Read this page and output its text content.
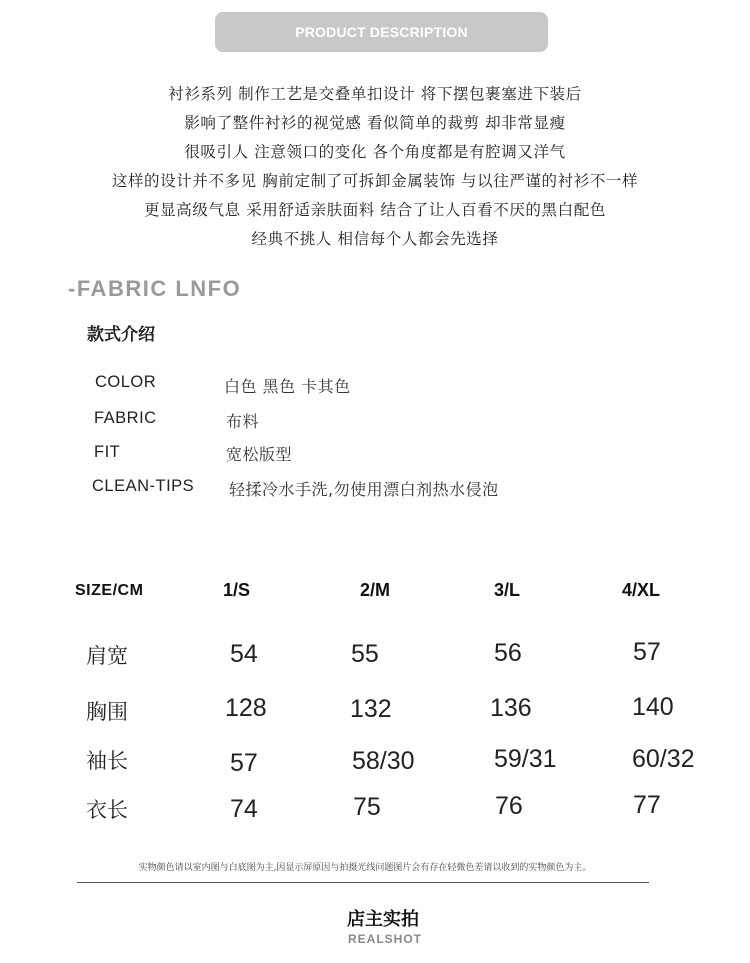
PRODUCT DESCRIPTION
衬衫系列 制作工艺是交叠单扣设计 将下摆包裹塞进下装后
影响了整件衬衫的视觉感 看似简单的裁剪 却非常显瘦
很吸引人 注意领口的变化 各个角度都是有腔调又洋气
这样的设计并不多见 胸前定制了可拆卸金属装饰 与以往严谨的衬衫不一样
更显高级气息 采用舒适亲肤面料 结合了让人百看不厌的黑白配色
经典不挑人 相信每个人都会先选择
-FABRIC LNFO
款式介绍
COLOR	白色 黑色 卡其色
FABRIC	布料
FIT	宽松版型
CLEAN-TIPS 轻揉冷水手洗,勿使用漂白剂热水侵泡
SIZE/CM	1/S	2/M	3/L	4/XL
肩宽	54	55	56	57
胸围	128	132	136	140
袖长	57	58/30	59/31	60/32
衣长	74	75	76	77
实物颜色请以室内图与白底图为主,因显示屏原因与拍摄光线问题图片会有存在轻微色差请以收到的实物颜色为主。
店主实拍
REALSHOT
